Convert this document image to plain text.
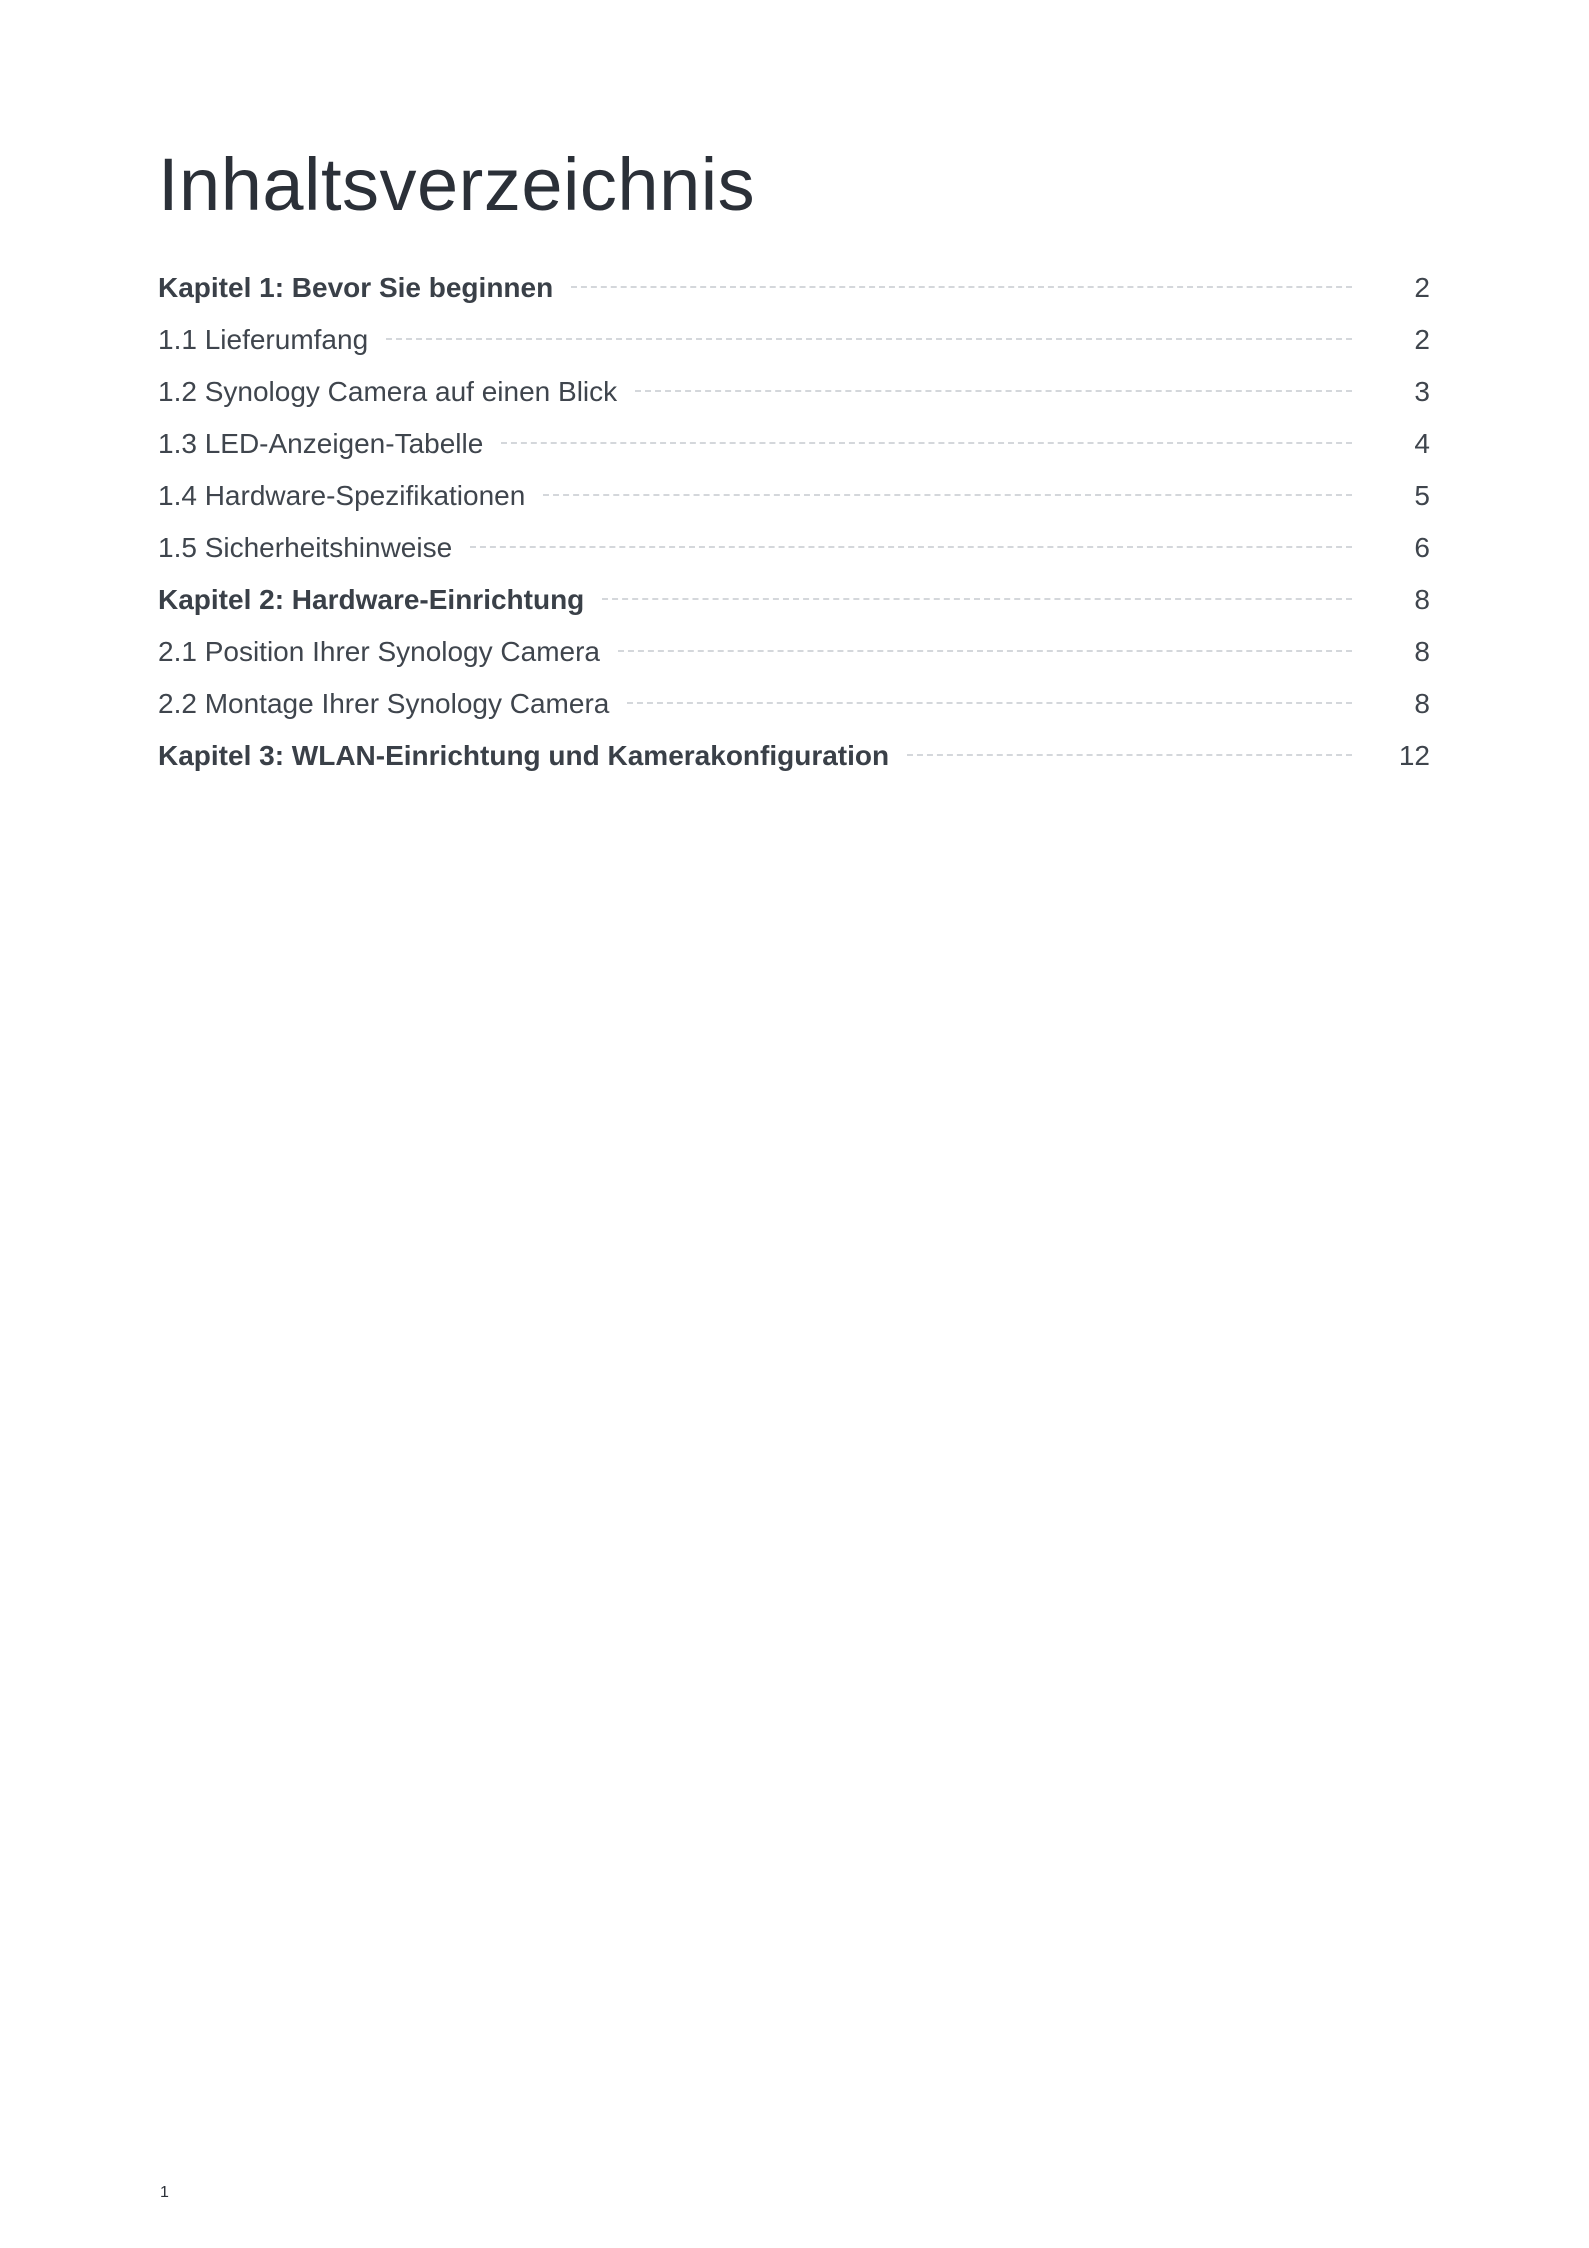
Inhaltsverzeichnis
Kapitel 1: Bevor Sie beginnen	2
1.1 Lieferumfang	2
1.2 Synology Camera auf einen Blick	3
1.3 LED-Anzeigen-Tabelle	4
1.4 Hardware-Spezifikationen	5
1.5 Sicherheitshinweise	6
Kapitel 2: Hardware-Einrichtung	8
2.1 Position Ihrer Synology Camera	8
2.2 Montage Ihrer Synology Camera	8
Kapitel 3: WLAN-Einrichtung und Kamerakonfiguration	12
1
